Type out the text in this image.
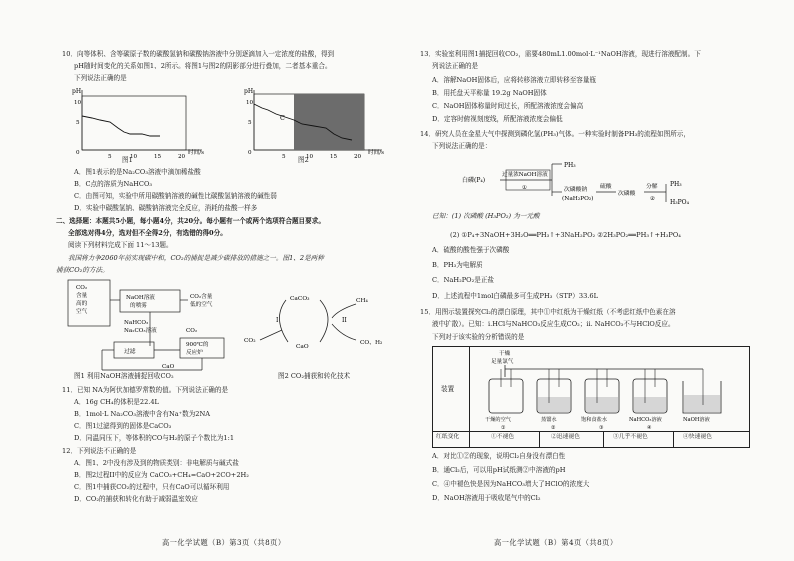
10．向等体积、含等碳原子数的碳酸氢钠和碳酸钠溶液中分别逐滴加入一定浓度的盐酸，得到
pH随时间变化的关系如图1、2所示。将图1与图2的阴影部分进行叠加，二者基本重合。
下列说法正确的是
pH
10
5
0
5	10	15	20
时间/s
图1
pH
10
5
0
C
5	10	15	20
时间/s
图2
A．图1表示的是Na₂CO₃溶液中滴加稀盐酸
B．C点的溶质为NaHCO₃
C．由图可知，实验中所用碳酸钠溶液的碱性比碳酸氢钠溶液的碱性弱
D．实验中碳酸氢钠、碳酸钠溶液完全反应，消耗的盐酸一样多
二、选择题：本题共5小题，每小题4分，共20分。每小题有一个或两个选项符合题目要求。
全部选对得4分，选对但不全得2分，有选错的得0分。
阅读下列材料完成下面 11～13题。
我国将力争2060年前实现碳中和，CO₂的捕捉是减少碳排放的措施之一。图1、2是两种
捕获CO₂的方法。
CO₂
含量
高的
空气
NaOH溶液
的喷雾
CO₂含量
低的空气
NaHCO₃
Na₂CO₃溶液	CO₂
过滤
900℃的
反应炉
CaO
图1 利用NaOH溶液捕捉回收CO₂
CaCO₃	CH₄
CO₂
CaO
CO、H₂
I	II
图2 CO₂捕获和转化技术
11．已知 NA为阿伏加德罗常数的值。下列说法正确的是
A．16g CH₄的体积是22.4L
B．1mol·L Na₂CO₃溶液中含有Na⁺数为2NA
C．图1过滤得到的固体是CaCO₃
D．同温同压下，等体积的CO与H₂的原子个数比为1:1
12．下列说法不正确的是
A．图1、2中没有涉及到的物质类别：非电解质与碱式盐
B．图2过程II中的反应为 CaCO₃+CH₄=CaO+2CO+2H₂
C．图1中捕获CO₂的过程中，只有CaO可以循环利用
D．CO₂的捕获和转化有助于减弱温室效应
高一化学试题（B）第3页（共8页）
13．实验室利用图1捕捉回收CO₂，需要480mL1.00mol·L⁻¹NaOH溶液，现进行溶液配制。下
列说法正确的是
A．溶解NaOH固体后，应将转移溶液立即转移至容量瓶
B．用托盘天平称量 19.2g NaOH固体
C．NaOH固体称量时间过长，所配溶液浓度会偏高
D．定容时俯视刻度线，所配溶液浓度会偏低
14．研究人员在金星大气中探测到磷化氢(PH₃)气体。一种实验时制备PH₃的流程如图所示，
下列说法正确的是：
白磷(P₄)
过量浓NaOH溶液
①
PH₃
次磷酸钠
(NaH₂PO₂)
硫酸
次磷酸
分解
②
PH₃
H₃PO₄
已知：(1) 次磷酸 (H₃PO₂) 为一元酸
(2) ①P₄+3NaOH+3H₂O══PH₃↑+3NaH₂PO₂ ②2H₃PO₂══PH₃↑+H₃PO₄
A．硫酸的酸性强于次磷酸
B．PH₃为电解质
C．NaH₂PO₂是正盐
D．上述流程中1mol白磷最多可生成PH₃（STP）33.6L
15．用图示装置探究Cl₂的漂白原理，其中①中红纸为干燥红纸（不考虑红纸中色素在溶
液中扩散）。已知：i.HCl与NaHCO₃反应生成CO₂；ii. NaHCO₃不与HClO反应。
下列对于该实验的分析错误的是
装置
干燥
足量氯气
干燥的空气
①
蒸馏水
②
饱和食盐水
③
NaHCO₃溶液
④
NaOH溶液
红纸变化	①不褪色	②迅速褪色	③几乎不褪色	④快速褪色
A．对比①②的现象，说明Cl₂自身没有漂白性
B．通Cl₂后，可以用pH试纸测②中溶液的pH
C．④中褪色快是因为NaHCO₃增大了HClO的浓度大
D．NaOH溶液用于吸收尾气中的Cl₂
高一化学试题（B）第4页（共8页）
